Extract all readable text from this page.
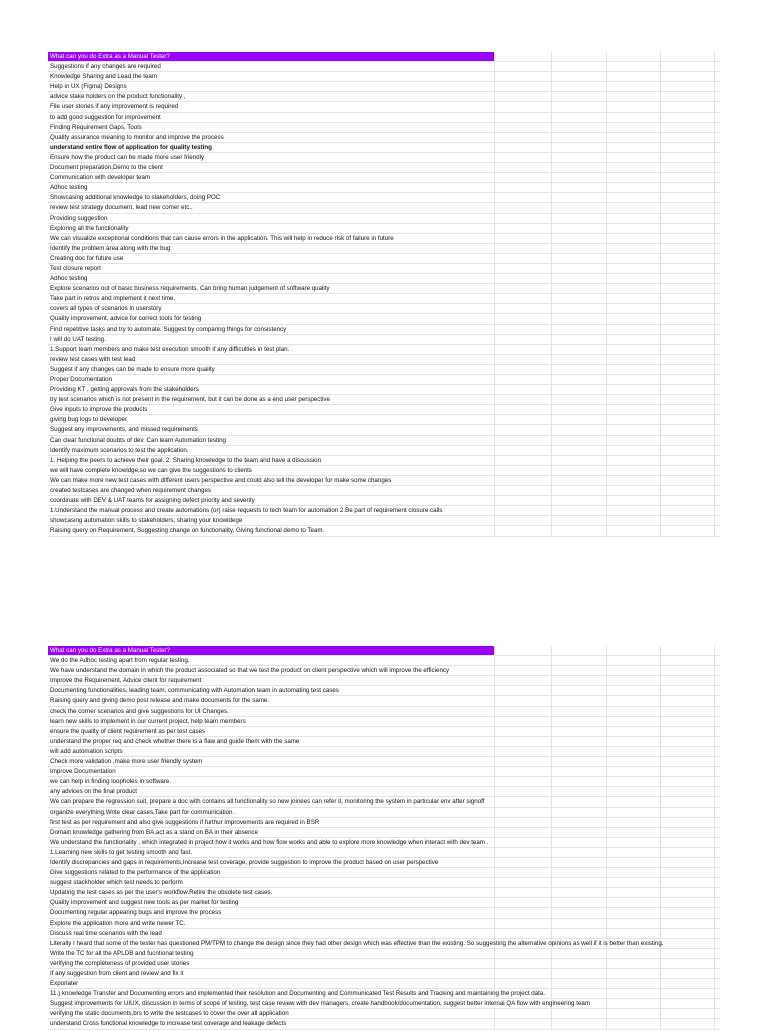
What can you do Extra as a Manual Tester?
Suggestions if any changes are required
Knowledge Sharing and Lead the team
Help in UX (Figma) Designs
advice stake holders on the product functionality ,
File user stories if any improvement is required
to add good suggestion for improvement
Finding Requirement Gaps, Tools
Quality assurance meaning to monitor and improve the process
understand entire flow of application for quality testing
Ensure how the product can be made more user friendly
Document preparation,Demo to the client
Communication with developer team
Adhoc testing
Showcasing additional knowledge to stakeholders, doing POC
review test strategy document, lead new comer etc..
Providing suggestion
Exploring all the functionality
We can visualize exceptional conditions that can cause errors in the application. This will help in reduce risk of failure in future
Identify the problem area along with the bug
Creating doc for future use
Test closure report
Adhoc testing
Explore scenarios out of basic business requirements. Can bring human judgement of software quality
Take part in retros and implement it next time.
covers all types of scenarios in userstory
Quality improvement, advice for correct tools for testing
Find repetitive tasks and try to automate. Suggest by comparing things for consistency
I will do UAT testing.
1.Support team members and make test execution smooth if any difficulties in test plan.
review test cases with test lead
Suggest if any changes can be made to ensure more quality
Proper Documentation
Providing KT , getting approvals from the stakeholders
try test scenarios which is not present in the requirement, but it can be done as a end user perspective
Give inputs to improve the products
giving bug logs to developer
Suggest any improvements, and missed requirements
Can clear functional doubts of dev. Can learn Automation testing
Identify maximum scenarios to test the application.
1. Helping the peers to achieve their goal. 2. Sharing knowledge to the team and have a discussion
we will have complete knowldge,so we can give the suggestions to clients
We can make more new test cases with different users perspective and could also tell the developer for make some changes
created testcases are changed when requirement changes
coordinate with DEV & UAT teams for assigning defect priority and severity
1.Understand the manual process and create automations (or) raise requests to tech team for automation 2.Be part of requirement closure calls
showcasing automation skills to stakeholders, sharing your knowldege
Raising query on Requirement, Suggesting change on functionality, Giving functional demo to Team.
What can you do Extra as a Manual Tester?
We do the Adhoc testing apart from regular testing.
We have understand the domain in which the product associated so that we test the product on client perspective which will improve the efficiency
Improve the Requirement, Advice client for requirement
Documenting functionalities, leading team, communicating with Automation team in automating test cases
Raising query and giving demo post release and make documents for the same.
check the corner scenarios and give suggestions for UI Changes.
learn new skills to implement in our current project, help team members
ensure the quality of client requirement as per test cases
understand the proper req and check whether there is a flaw and guide them with the same
will add automation scripts
Check more validation ,make more user friendly system
Improve Documentation
we can help in finding loopholes in software.
any advices on the final product
We can prepare the regression suit, prepare a doc with contains all functionality so new joinees can refer it, monitoring the system in particular env after signoff
organize everything,Write clear cases,Take part for communication.
first test as per requirement and also give suggestions if furthur improvements are required in BSR
Domain knowledge gathering from BA,act as a stand on BA in their absence
We understand the functionality , which integrated in project how it works and how flow works and able to explore more knowledge when interact with dev team .
1.Learning new skills to get testing smooth and fast.
Identify discrepancies and gaps in requirements,Increase test coverage, provide suggestion to improve the product based on user perspective
Give suggestions related to the performance of the application
suggest stackholder which test needs to perform
Updating the test cases as per the user's workflow.Retire the obsolete test cases.
Quality improvement and suggest new tools as per market for testing
Documenting regular appearing bugs and improve the process
Explore the application more and write newer TC.
Discuss real time scenarios with the lead
Literally I heard that some of the tester has questioned PM/TPM to change the design since they had other design which was effective than the existing. So suggesting the alternative opinions as well if it is better than existing.
Write the TC for all the APLDB and fucntional testing
verifying the completeness of provided user stories
If any suggestion from client and review and fix it
Exporlater
11.) knowledge Transfer and Documenting errors and implemented their resolution and Documenting and Communicated Test Results and Tracking and maintaining the project data.
Suggest improvements for UIUX, discussion in terms of scope of testing, test case review with dev managers, create handbook/documentation, suggest better internal QA flow with engineering team
verifying the static documents,brs to write the testcases to cover the over all application
understand Cross functional knowledge to increase test coverage and leakage defects
